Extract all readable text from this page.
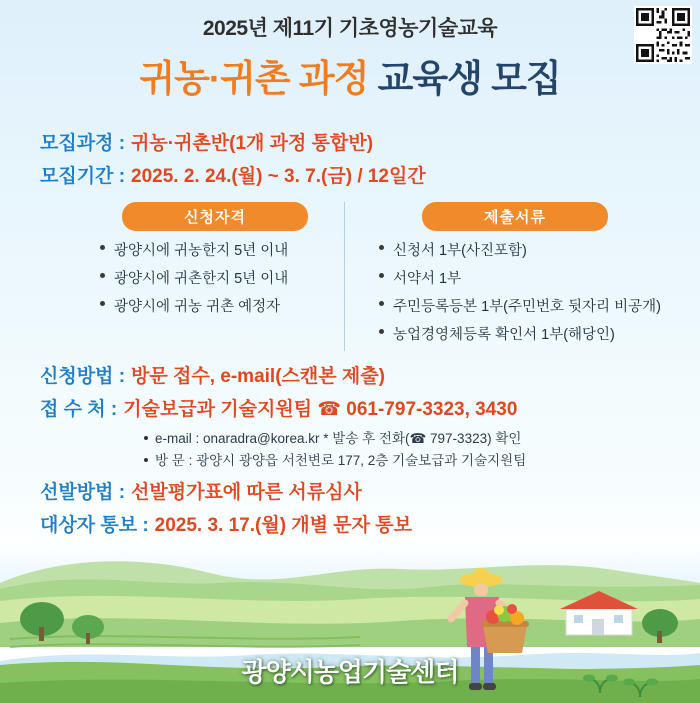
2025년 제11기 기초영농기술교육
귀농·귀촌 과정 교육생 모집
모집과정 : 귀농·귀촌반(1개 과정 통합반)
모집기간 : 2025. 2. 24.(월) ~ 3. 7.(금) / 12일간
신청자격
광양시에 귀농한지 5년 이내
광양시에 귀촌한지 5년 이내
광양시에 귀농 귀촌 예정자
제출서류
신청서 1부(사진포함)
서약서 1부
주민등록등본 1부(주민번호 뒷자리 비공개)
농업경영체등록 확인서 1부(해당인)
신청방법 : 방문 접수, e-mail(스캔본 제출)
접 수 처 : 기술보급과 기술지원팀 ☎ 061-797-3323, 3430
e-mail : onaradra@korea.kr * 발송 후 전화(☎ 797-3323) 확인
방 문 : 광양시 광양읍 서천변로 177, 2층 기술보급과 기술지원팀
선발방법 : 선발평가표에 따른 서류심사
대상자 통보 : 2025. 3. 17.(월) 개별 문자 통보
광양시농업기술센터
